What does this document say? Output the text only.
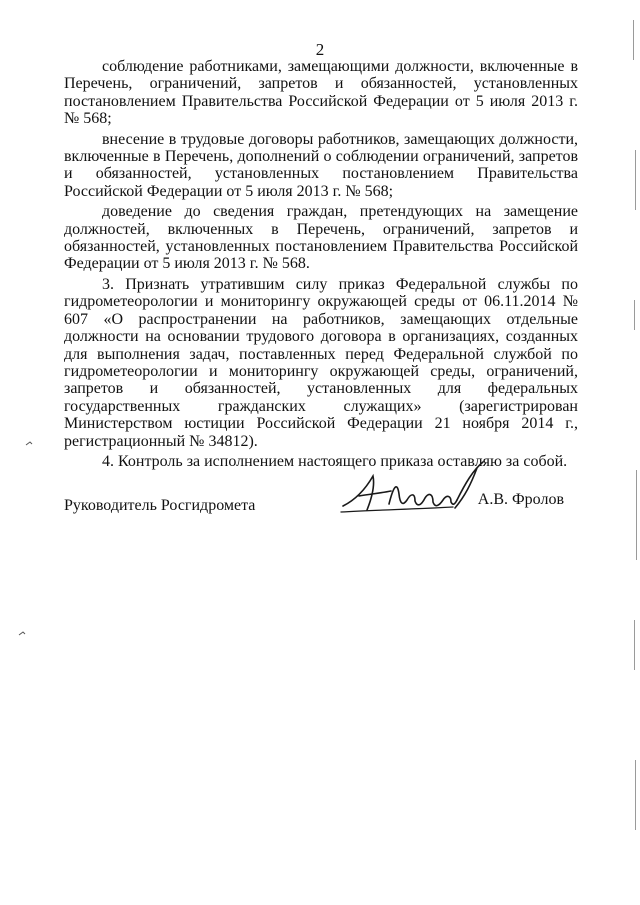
2

соблюдение работниками, замещающими должности, включенные в Перечень, ограничений, запретов и обязанностей, установленных постановлением Правительства Российской Федерации от 5 июля 2013 г. № 568;

внесение в трудовые договоры работников, замещающих должности, включенные в Перечень, дополнений о соблюдении ограничений, запретов и обязанностей, установленных постановлением Правительства Российской Федерации от 5 июля 2013 г. № 568;

доведение до сведения граждан, претендующих на замещение должностей, включенных в Перечень, ограничений, запретов и обязанностей, установленных постановлением Правительства Российской Федерации от 5 июля 2013 г. № 568.

3. Признать утратившим силу приказ Федеральной службы по гидрометеорологии и мониторингу окружающей среды от 06.11.2014 № 607 «О распространении на работников, замещающих отдельные должности на основании трудового договора в организациях, созданных для выполнения задач, поставленных перед Федеральной службой по гидрометеорологии и мониторингу окружающей среды, ограничений, запретов и обязанностей, установленных для федеральных государственных гражданских служащих» (зарегистрирован Министерством юстиции Российской Федерации 21 ноября 2014 г., регистрационный № 34812).

4. Контроль за исполнением настоящего приказа оставляю за собой.

Руководитель Росгидромета	А.В. Фролов
